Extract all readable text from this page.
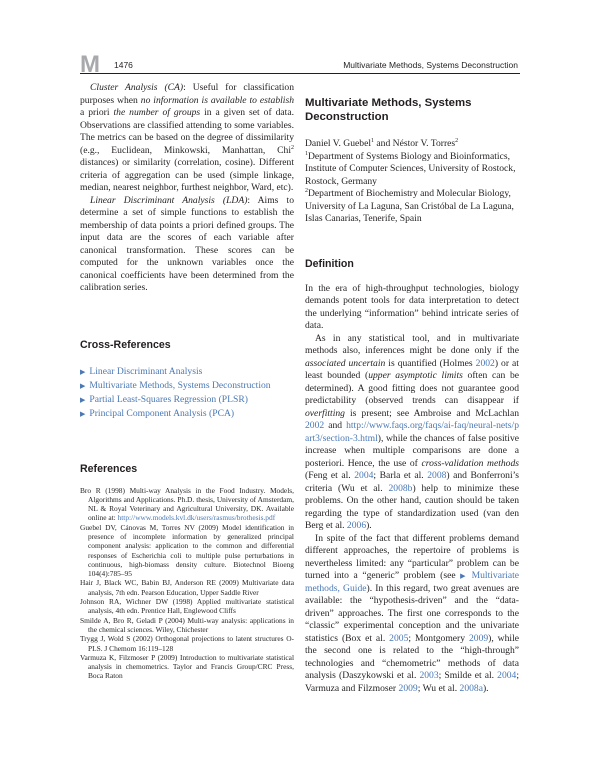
M 1476	Multivariate Methods, Systems Deconstruction

Cluster Analysis (CA): Useful for classification purposes when no information is available to establish a priori the number of groups in a given set of data. Observations are classified attending to some variables. The metrics can be based on the degree of dissimilarity (e.g., Euclidean, Minkowski, Manhattan, Chi$^2$ distances) or similarity (correlation, cosine). Different criteria of aggregation can be used (simple linkage, median, nearest neighbor, furthest neighbor, Ward, etc).

Linear Discriminant Analysis (LDA): Aims to determine a set of simple functions to establish the membership of data points a priori defined groups. The input data are the scores of each variable after canonical transformation. These scores can be computed for the unknown variables once the canonical coefficients have been determined from the calibration series.

Cross-References
▶ Linear Discriminant Analysis
▶ Multivariate Methods, Systems Deconstruction
▶ Partial Least-Squares Regression (PLSR)
▶ Principal Component Analysis (PCA)
References

Bro R (1998) Multi-way Analysis in the Food Industry. Models, Algorithms and Applications. Ph.D. thesis, University of Amsterdam, NL & Royal Veterinary and Agricultural University, DK. Available online at: http://www.models.kvl.dk/users/rasmus/brothesis.pdf

Guebel DV, Cánovas M, Torres NV (2009) Model identification in presence of incomplete information by generalized principal component analysis: application to the common and differential responses of Escherichia coli to multiple pulse perturbations in continuous, high-biomass density culture. Biotechnol Bioeng 104(4):785–95

Hair J, Black WC, Babin BJ, Anderson RE (2009) Multivariate data analysis, 7th edn. Pearson Education, Upper Saddle River

Johnson RA, Wichner DW (1998) Applied multivariate statistical analysis, 4th edn. Prentice Hall, Englewood Cliffs

Smilde A, Bro R, Geladi P (2004) Multi-way analysis: applications in the chemical sciences. Wiley, Chichester

Trygg J, Wold S (2002) Orthogonal projections to latent structures O-PLS. J Chemom 16:119–128

Varmuza K, Filzmoser P (2009) Introduction to multivariate statistical analysis in chemometrics. Taylor and Francis Group/CRC Press, Boca Raton

Multivariate Methods, Systems Deconstruction

Daniel V. Guebel$^1$ and Néstor V. Torres$^2$

$^1$Department of Systems Biology and Bioinformatics, Institute of Computer Sciences, University of Rostock, Rostock, Germany

$^2$Department of Biochemistry and Molecular Biology, University of La Laguna, San Cristóbal de La Laguna, Islas Canarias, Tenerife, Spain

Definition

In the era of high-throughput technologies, biology demands potent tools for data interpretation to detect the underlying “information” behind intricate series of data.

As in any statistical tool, and in multivariate methods also, inferences might be done only if the associated uncertain is quantified (Holmes 2002) or at least bounded (upper asymptotic limits often can be determined). A good fitting does not guarantee good predictability (observed trends can disappear if overfitting is present; see Ambroise and McLachlan 2002 and http://www.faqs.org/faqs/ai-faq/neural-nets/part3/section-3.html), while the chances of false positive increase when multiple comparisons are done a posteriori. Hence, the use of cross-validation methods (Feng et al. 2004; Barla et al. 2008) and Bonferroni’s criteria (Wu et al. 2008b) help to minimize these problems. On the other hand, caution should be taken regarding the type of standardization used (van den Berg et al. 2006).

In spite of the fact that different problems demand different approaches, the repertoire of problems is nevertheless limited: any “particular” problem can be turned into a “generic” problem (see ▶ Multivariate methods, Guide). In this regard, two great avenues are available: the “hypothesis-driven” and the “data-driven” approaches. The first one corresponds to the “classic” experimental conception and the univariate statistics (Box et al. 2005; Montgomery 2009), while the second one is related to the “high-through” technologies and “chemometric” methods of data analysis (Daszykowski et al. 2003; Smilde et al. 2004; Varmuza and Filzmoser 2009; Wu et al. 2008a).
